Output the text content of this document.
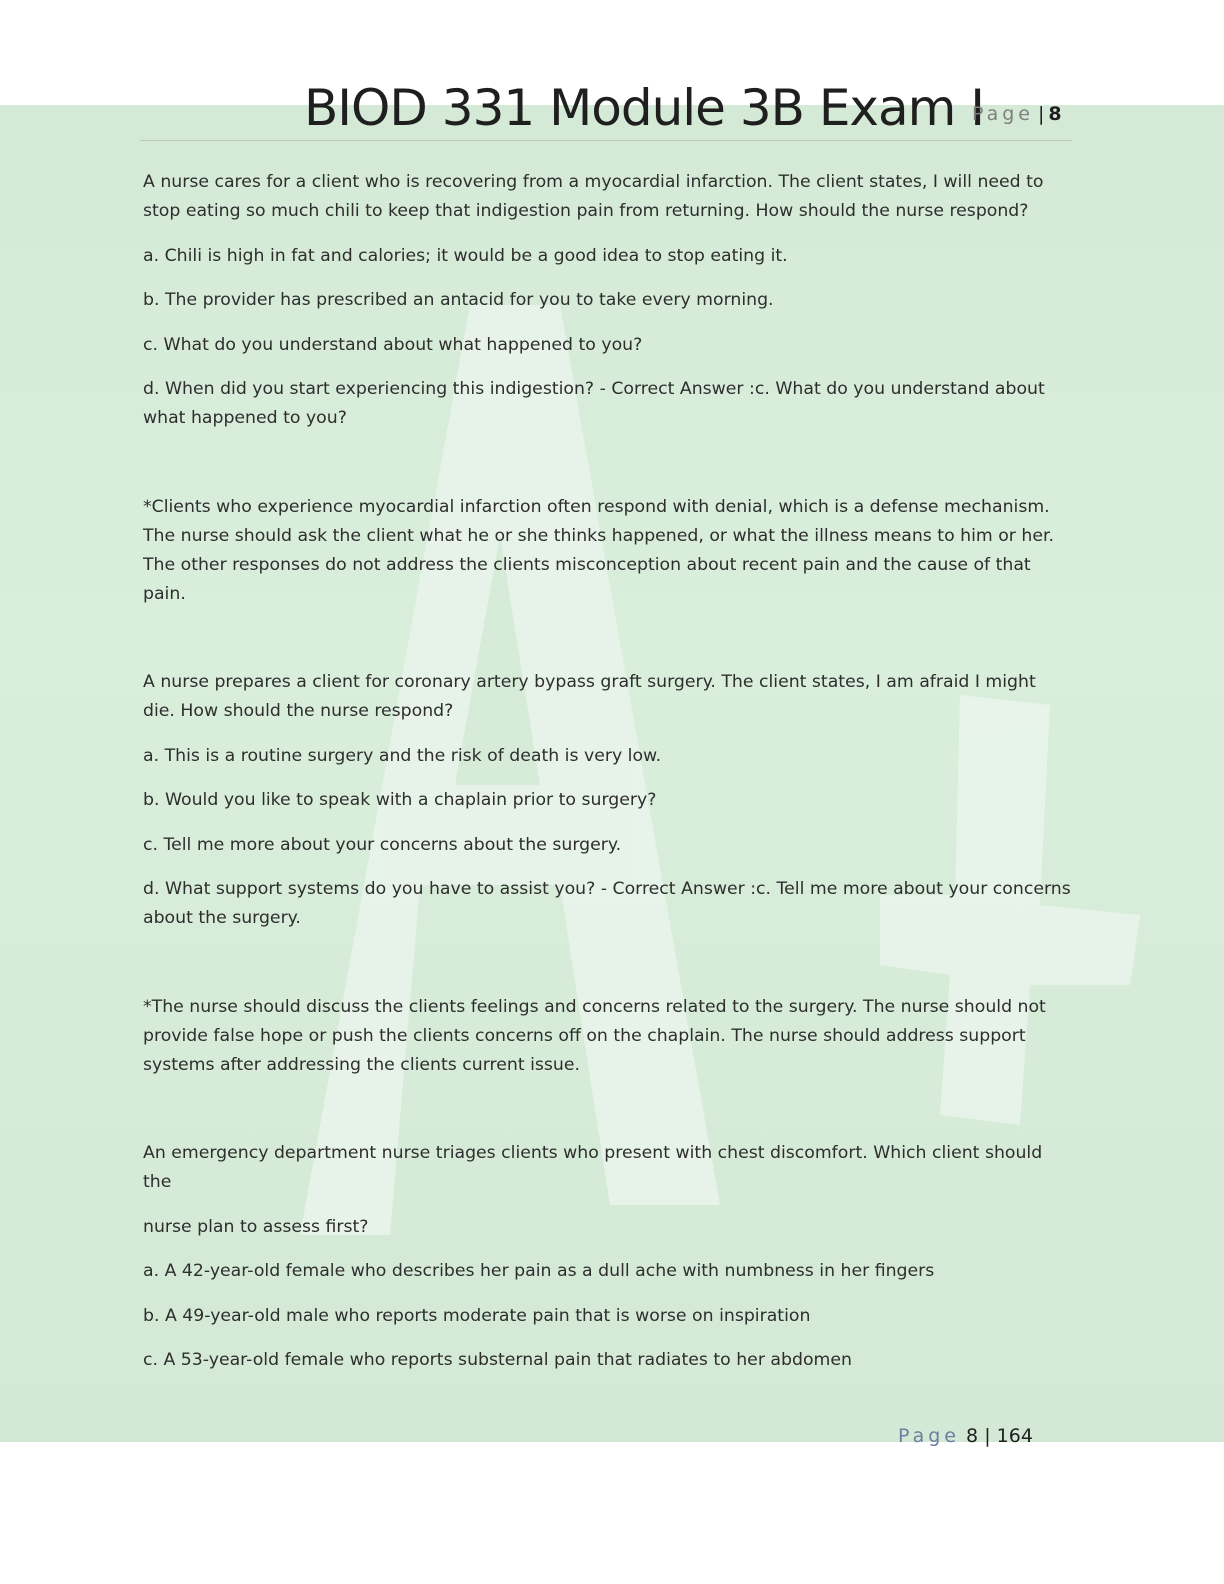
BIOD 331 Module 3B Exam I
Page | 8

A nurse cares for a client who is recovering from a myocardial infarction. The client states, I will need to stop eating so much chili to keep that indigestion pain from returning. How should the nurse respond?

a. Chili is high in fat and calories; it would be a good idea to stop eating it.

b. The provider has prescribed an antacid for you to take every morning.

c. What do you understand about what happened to you?

d. When did you start experiencing this indigestion? - Correct Answer :c. What do you understand about what happened to you?

*Clients who experience myocardial infarction often respond with denial, which is a defense mechanism. The nurse should ask the client what he or she thinks happened, or what the illness means to him or her. The other responses do not address the clients misconception about recent pain and the cause of that pain.

A nurse prepares a client for coronary artery bypass graft surgery. The client states, I am afraid I might die. How should the nurse respond?

a. This is a routine surgery and the risk of death is very low.

b. Would you like to speak with a chaplain prior to surgery?

c. Tell me more about your concerns about the surgery.

d. What support systems do you have to assist you? - Correct Answer :c. Tell me more about your concerns about the surgery.

*The nurse should discuss the clients feelings and concerns related to the surgery. The nurse should not provide false hope or push the clients concerns off on the chaplain. The nurse should address support systems after addressing the clients current issue.

An emergency department nurse triages clients who present with chest discomfort. Which client should the

nurse plan to assess first?

a. A 42-year-old female who describes her pain as a dull ache with numbness in her fingers

b. A 49-year-old male who reports moderate pain that is worse on inspiration

c. A 53-year-old female who reports substernal pain that radiates to her abdomen

Page 8 | 164
